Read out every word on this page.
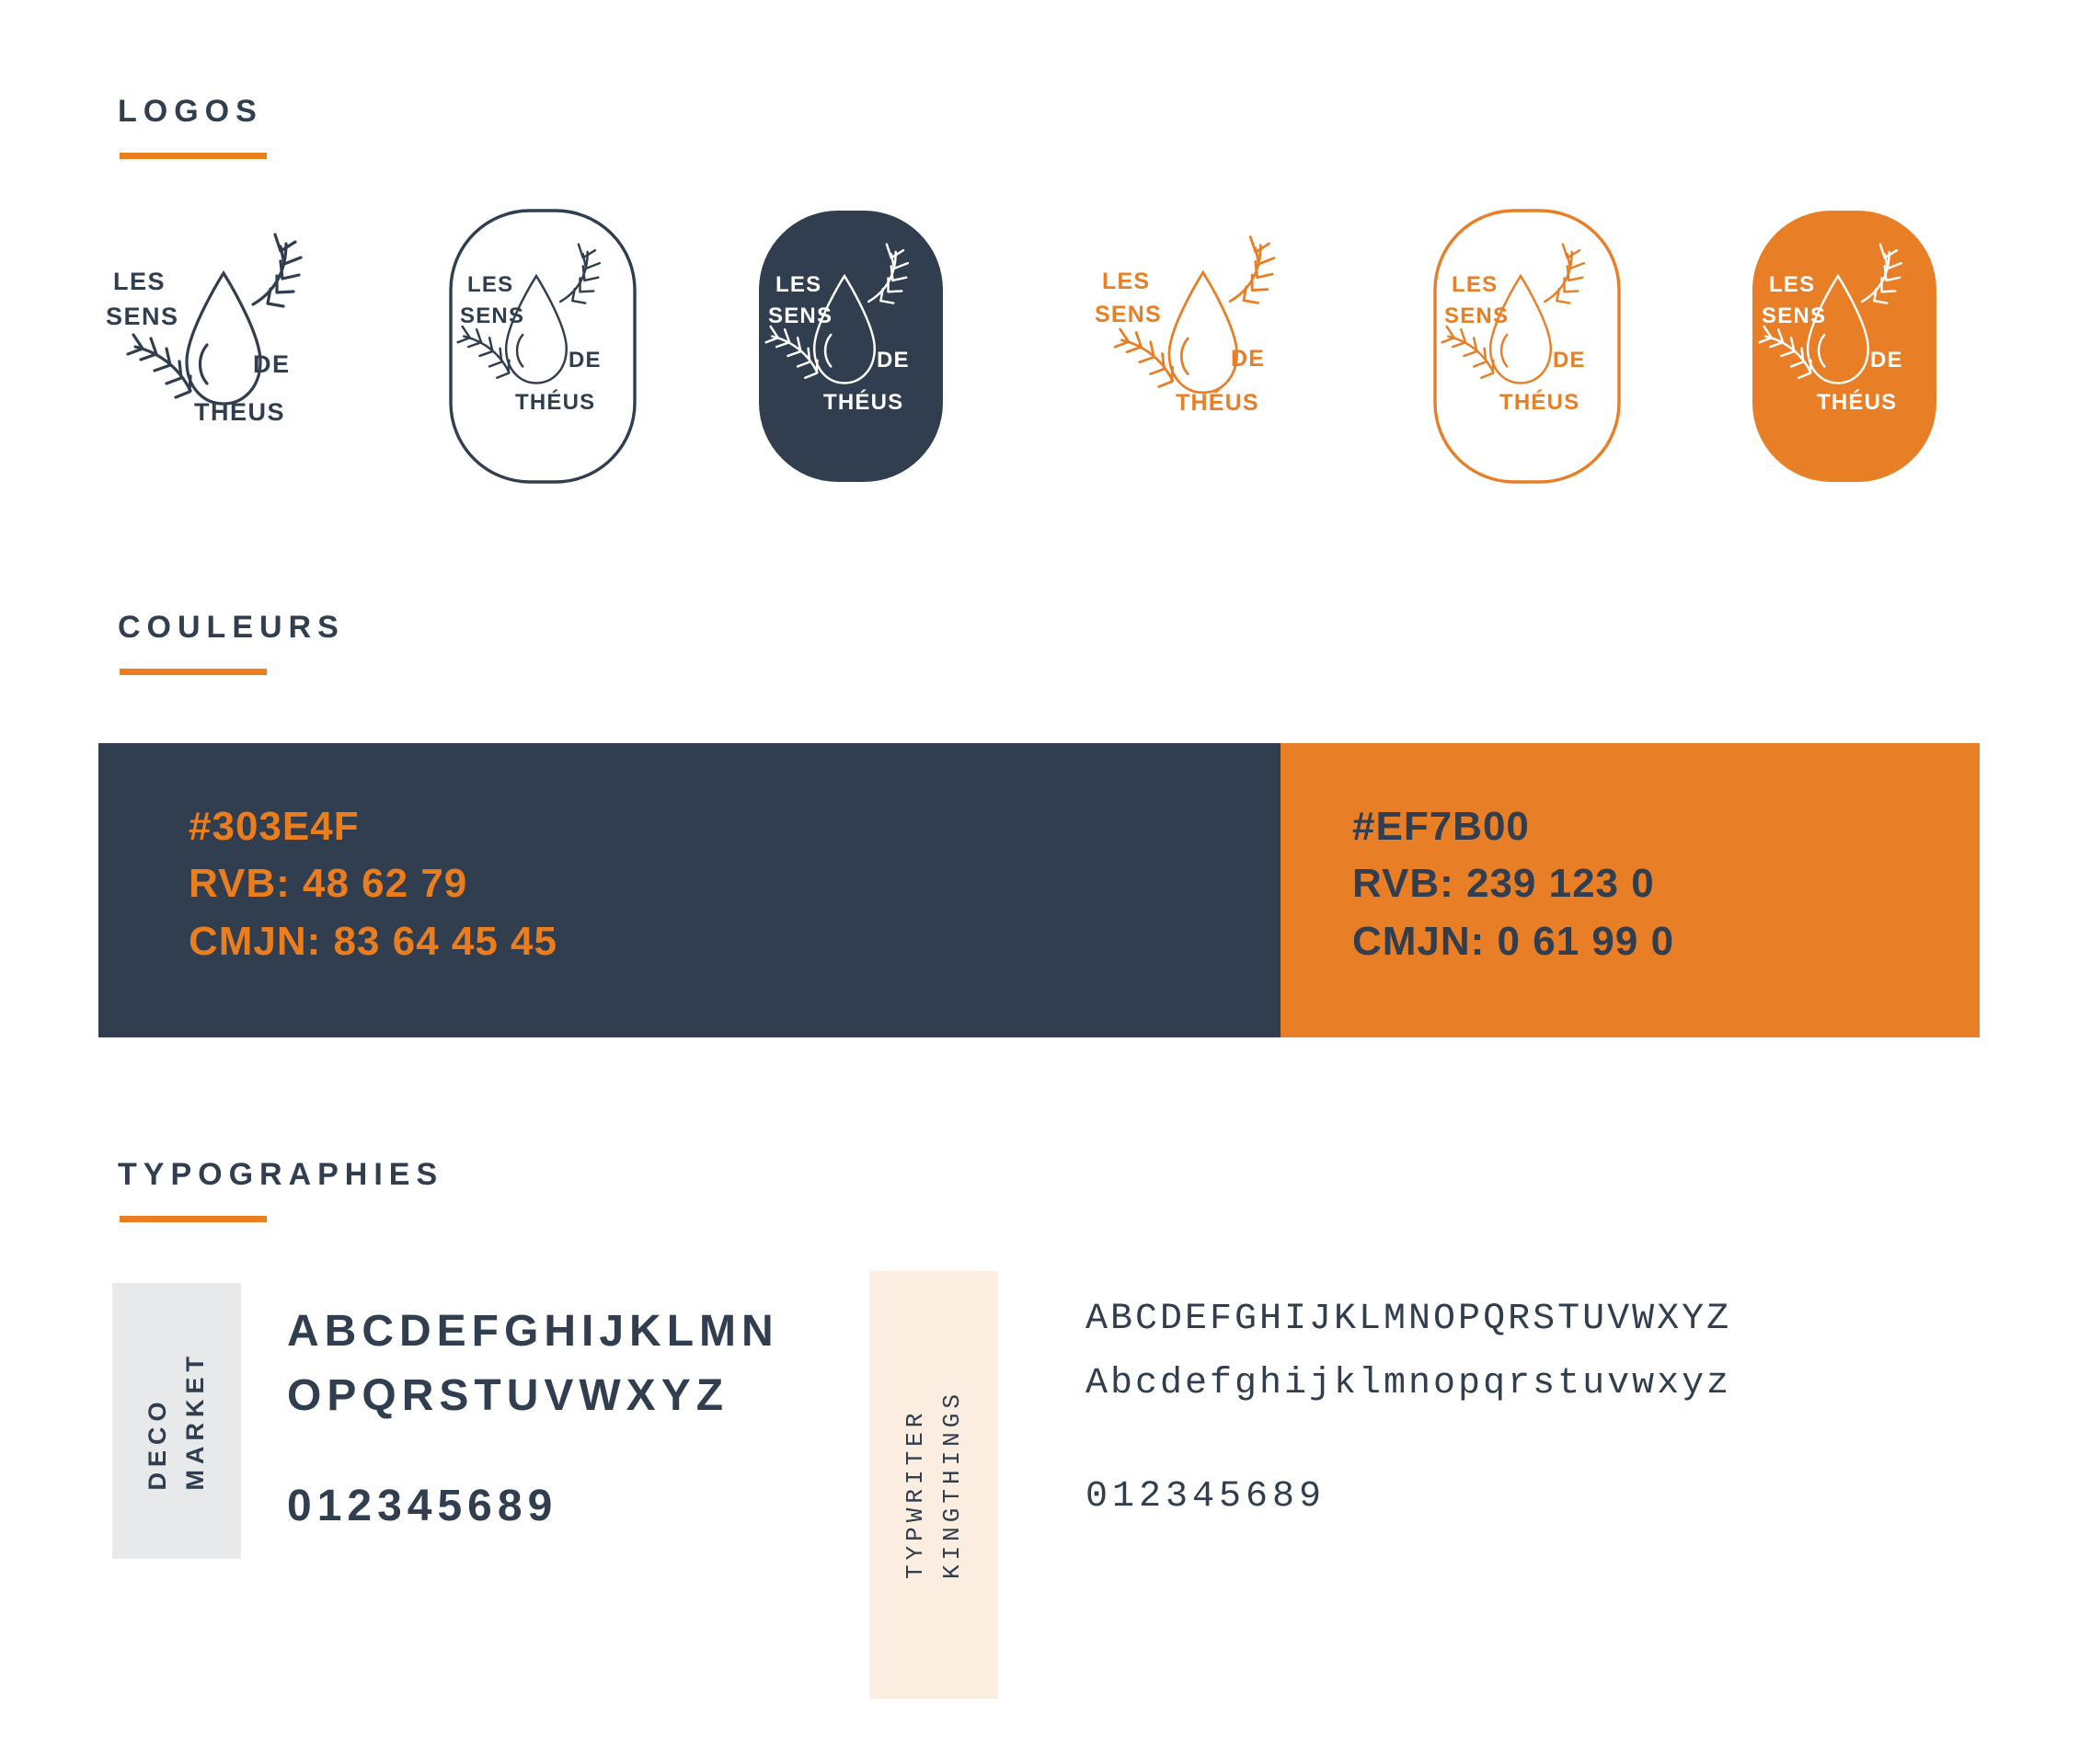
LOGOS
LES
SENS
DE
THÉUS
LES
SENS
DE
THÉUS
LES
SENS
DE
THÉUS
LES
SENS
DE
THÉUS
LES
SENS
DE
THÉUS
LES
SENS
DE
THÉUS
COULEURS
#303E4F
RVB: 48 62 79
CMJN: 83 64 45 45
#EF7B00
RVB: 239 123 0
CMJN: 0 61 99 0
TYPOGRAPHIES
MARKET
DECO
ABCDEFGHIJKLMN
OPQRSTUVWXYZ
012345689	KINGTHINGS
TYPWRITER
ABCDEFGHIJKLMNOPQRSTUVWXYZ
Abcdefghijklmnopqrstuvwxyz
012345689
